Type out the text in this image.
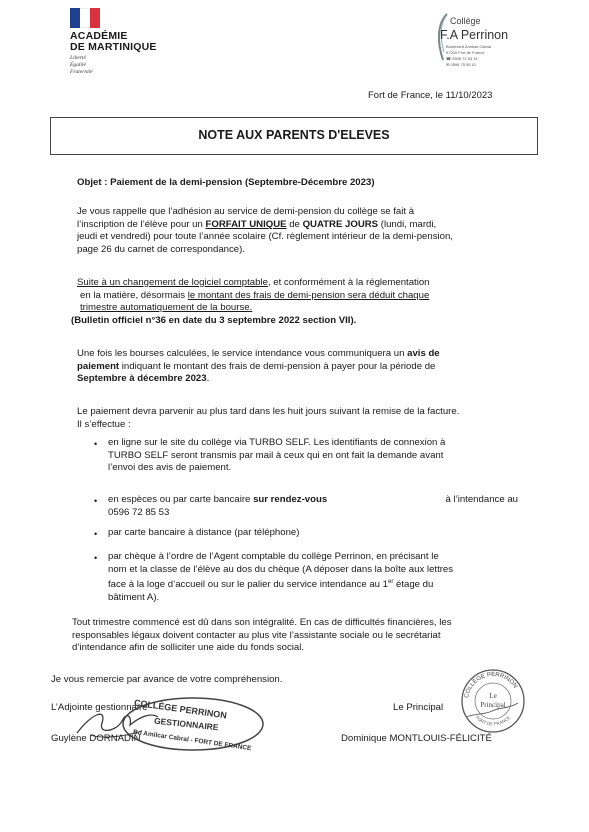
ACADÉMIE
DE MARTINIQUE
Liberté
Égalité
Fraternité
Collège
F.A Perrinon
Boulevard Amilcar Cabral
97200 Fort de France
☎ 0596 72 53 31
✉ 0596 75 55 61
Fort de France, le 11/10/2023
NOTE AUX PARENTS D'ELEVES
Objet : Paiement de la demi-pension (Septembre-Décembre 2023)
Je vous rappelle que l’adhésion au service de demi-pension du collège se fait à
l’inscription de l’élève pour un FORFAIT UNIQUE de QUATRE JOURS (lundi, mardi,
jeudi et vendredi) pour toute l’année scolaire (Cf. règlement intérieur de la demi-pension,
page 26 du carnet de correspondance).
Suite à un changement de logiciel comptable, et conformément à la réglementation
en la matière, désormais le montant des frais de demi-pension sera déduit chaque
trimestre automatiquement de la bourse.
(Bulletin officiel n°36 en date du 3 septembre 2022 section VII).
Une fois les bourses calculées, le service intendance vous communiquera un avis de
paiement indiquant le montant des frais de demi-pension à payer pour la période de
Septembre à décembre 2023.
Le paiement devra parvenir au plus tard dans les huit jours suivant la remise de la facture.
Il s’effectue :
• en ligne sur le site du collège via TURBO SELF. Les identifiants de connexion à
TURBO SELF seront transmis par mail à ceux qui en ont fait la demande avant
l’envoi des avis de paiement.
• en espèces ou par carte bancaire sur rendez-vous	à l’intendance au
0596 72 85 53
• par carte bancaire à distance (par téléphone)
• par chèque à l’ordre de l’Agent comptable du collège Perrinon, en précisant le
nom et la classe de l’élève au dos du chèque (A déposer dans la boîte aux lettres
face à la loge d’accueil ou sur le palier du service intendance au 1er étage du
bâtiment A).
Tout trimestre commencé est dû dans son intégralité. En cas de difficultés financières, les
responsables légaux doivent contacter au plus vite l’assistante sociale ou le secrétariat
d’intendance afin de solliciter une aide du fonds social.
Je vous remercie par avance de votre compréhension.
L’Adjointe gestionnaire
Guylène DORNADIN
COLLÈGE PERRINON
GESTIONNAIRE
Bd Amilcar Cabral - FORT DE FRANCE
Le Principal
Dominique MONTLOUIS-FÉLICITÉ
COLLÈGE PERRINON
Le
Principal
FORT DE FRANCE
